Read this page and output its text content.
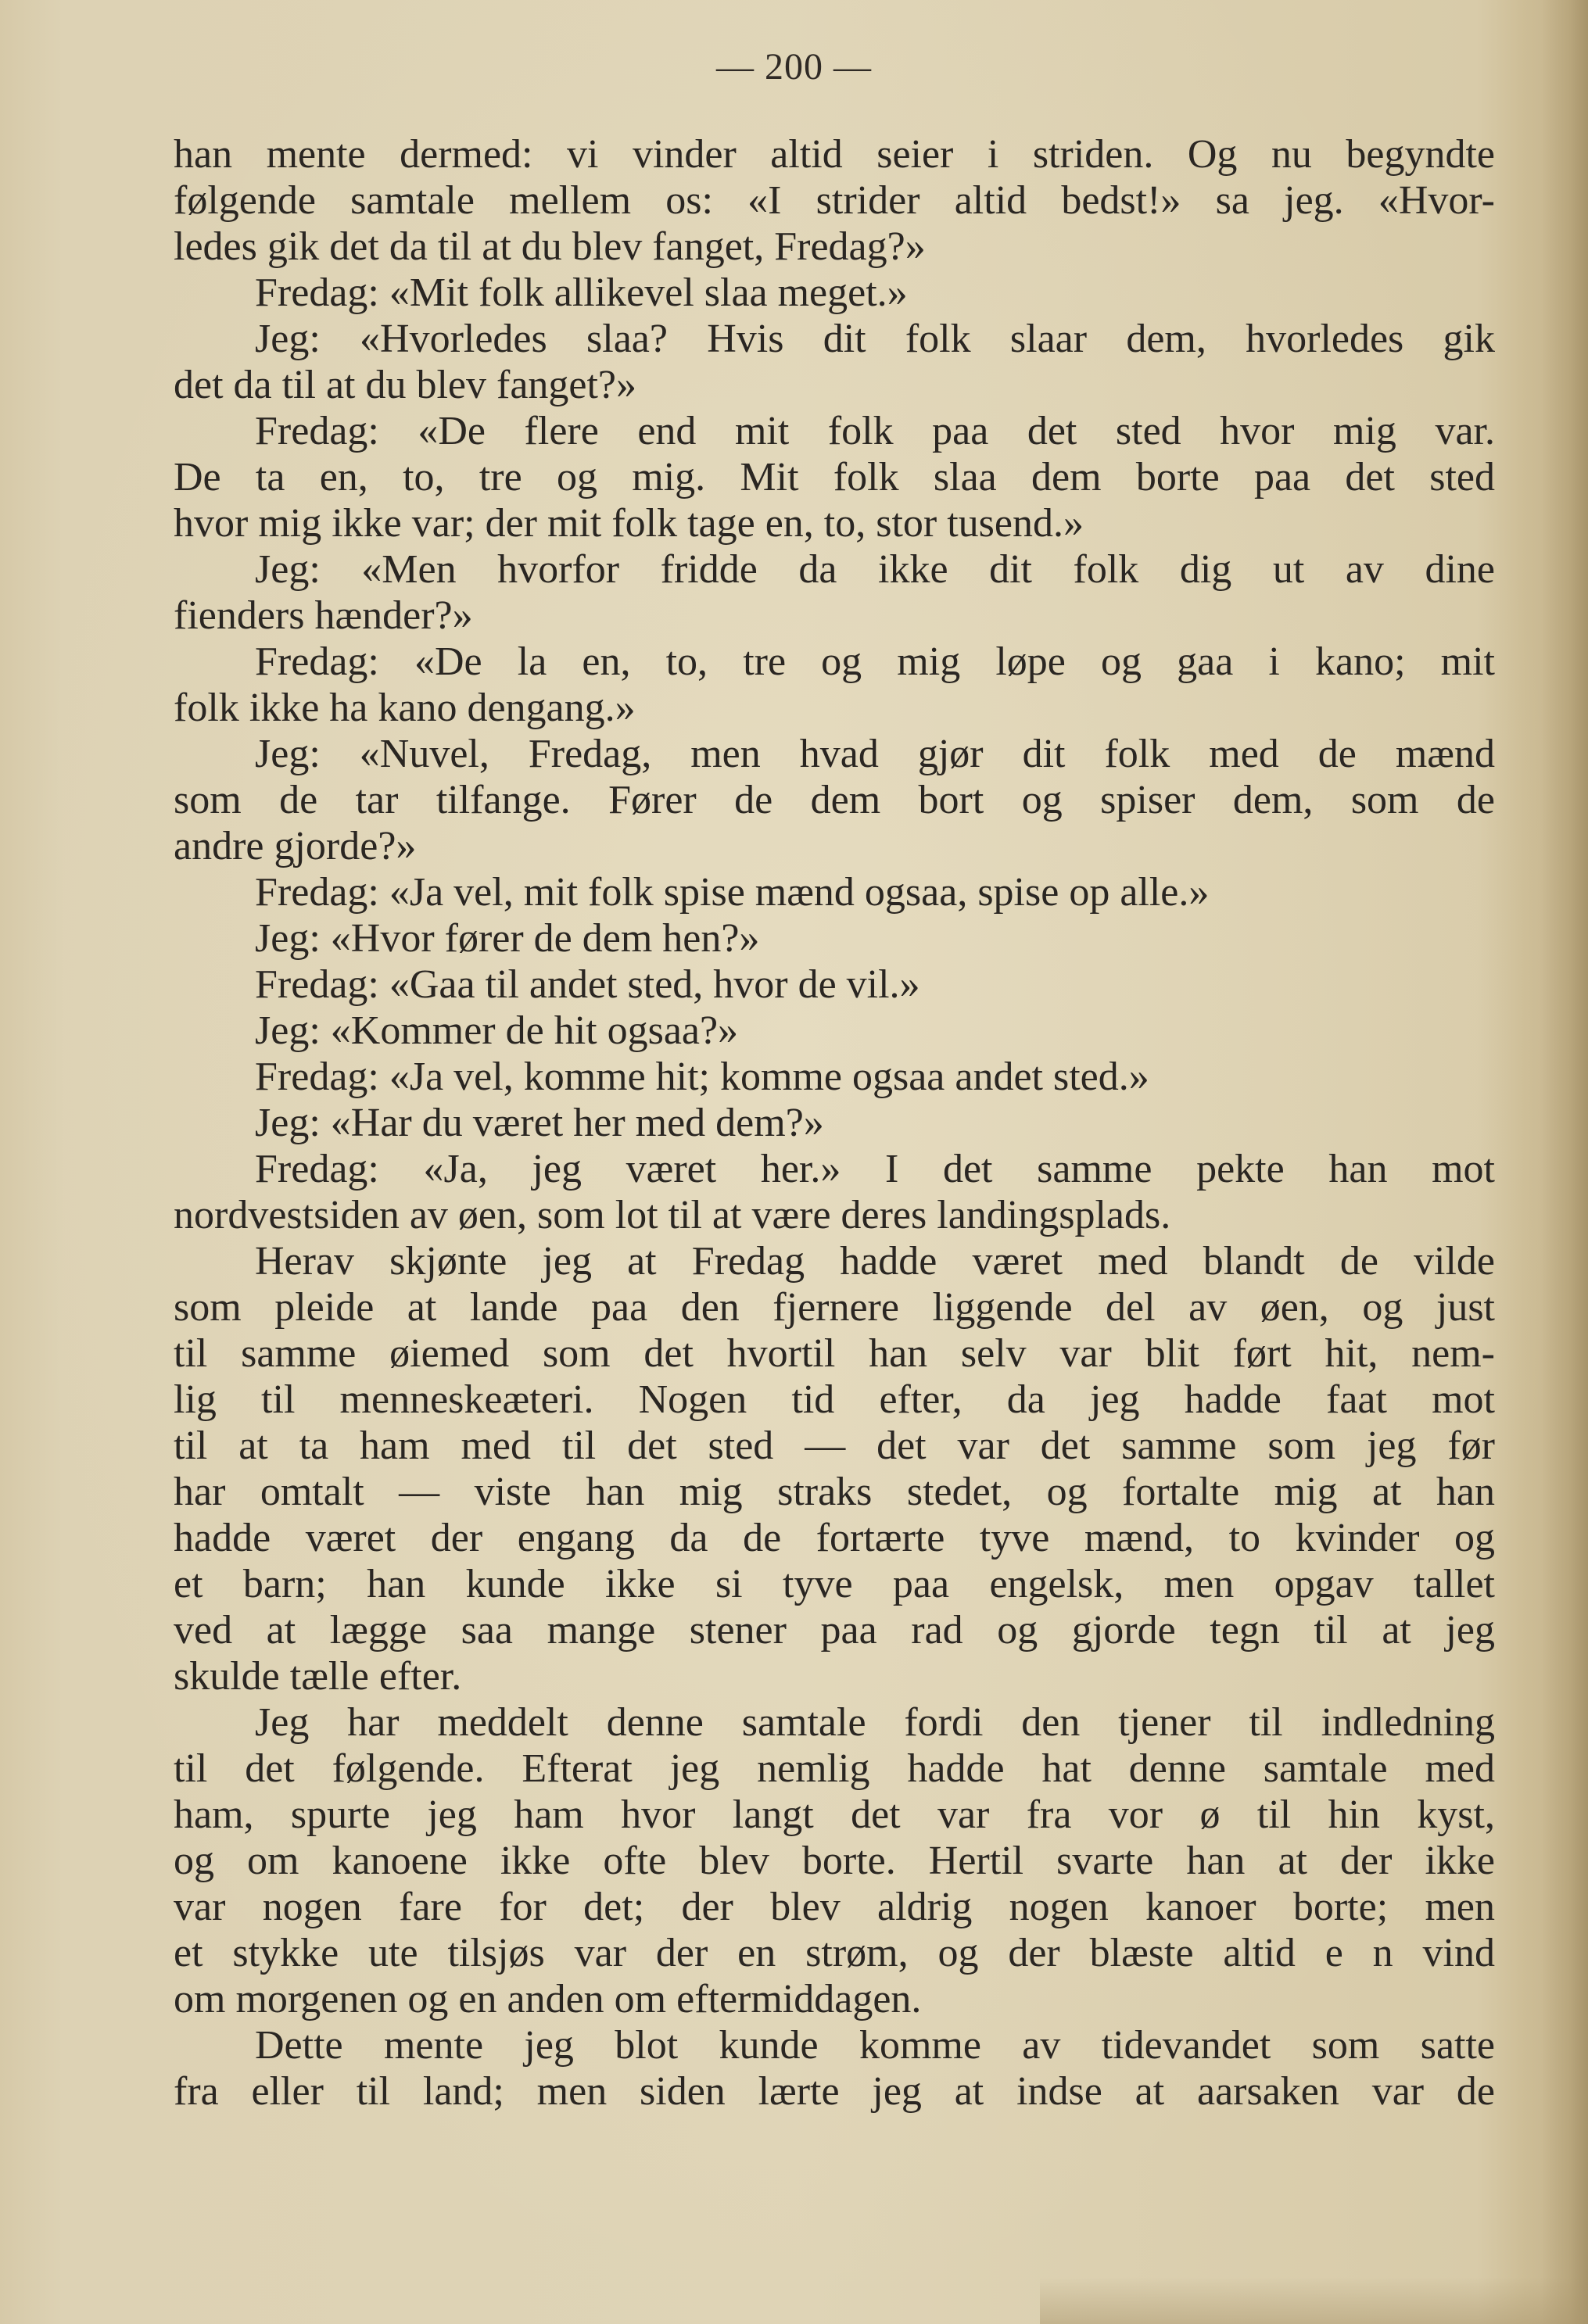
— 200 —
han mente dermed: vi vinder altid seier i striden. Og nu begyndte
følgende samtale mellem os: «I strider altid bedst!» sa jeg. «Hvor-
ledes gik det da til at du blev fanget, Fredag?»
Fredag: «Mit folk allikevel slaa meget.»
Jeg: «Hvorledes slaa? Hvis dit folk slaar dem, hvorledes gik
det da til at du blev fanget?»
Fredag: «De flere end mit folk paa det sted hvor mig var.
De ta en, to, tre og mig. Mit folk slaa dem borte paa det sted
hvor mig ikke var; der mit folk tage en, to, stor tusend.»
Jeg: «Men hvorfor fridde da ikke dit folk dig ut av dine
fienders hænder?»
Fredag: «De la en, to, tre og mig løpe og gaa i kano; mit
folk ikke ha kano dengang.»
Jeg: «Nuvel, Fredag, men hvad gjør dit folk med de mænd
som de tar tilfange. Fører de dem bort og spiser dem, som de
andre gjorde?»
Fredag: «Ja vel, mit folk spise mænd ogsaa, spise op alle.»
Jeg: «Hvor fører de dem hen?»
Fredag: «Gaa til andet sted, hvor de vil.»
Jeg: «Kommer de hit ogsaa?»
Fredag: «Ja vel, komme hit; komme ogsaa andet sted.»
Jeg: «Har du været her med dem?»
Fredag: «Ja, jeg været her.» I det samme pekte han mot
nordvestsiden av øen, som lot til at være deres landingsplads.
Herav skjønte jeg at Fredag hadde været med blandt de vilde
som pleide at lande paa den fjernere liggende del av øen, og just
til samme øiemed som det hvortil han selv var blit ført hit, nem-
lig til menneskeæteri. Nogen tid efter, da jeg hadde faat mot
til at ta ham med til det sted — det var det samme som jeg før
har omtalt — viste han mig straks stedet, og fortalte mig at han
hadde været der engang da de fortærte tyve mænd, to kvinder og
et barn; han kunde ikke si tyve paa engelsk, men opgav tallet
ved at lægge saa mange stener paa rad og gjorde tegn til at jeg
skulde tælle efter.
Jeg har meddelt denne samtale fordi den tjener til indledning
til det følgende. Efterat jeg nemlig hadde hat denne samtale med
ham, spurte jeg ham hvor langt det var fra vor ø til hin kyst,
og om kanoene ikke ofte blev borte. Hertil svarte han at der ikke
var nogen fare for det; der blev aldrig nogen kanoer borte; men
et stykke ute tilsjøs var der en strøm, og der blæste altid e n vind
om morgenen og en anden om eftermiddagen.
Dette mente jeg blot kunde komme av tidevandet som satte
fra eller til land; men siden lærte jeg at indse at aarsaken var de
